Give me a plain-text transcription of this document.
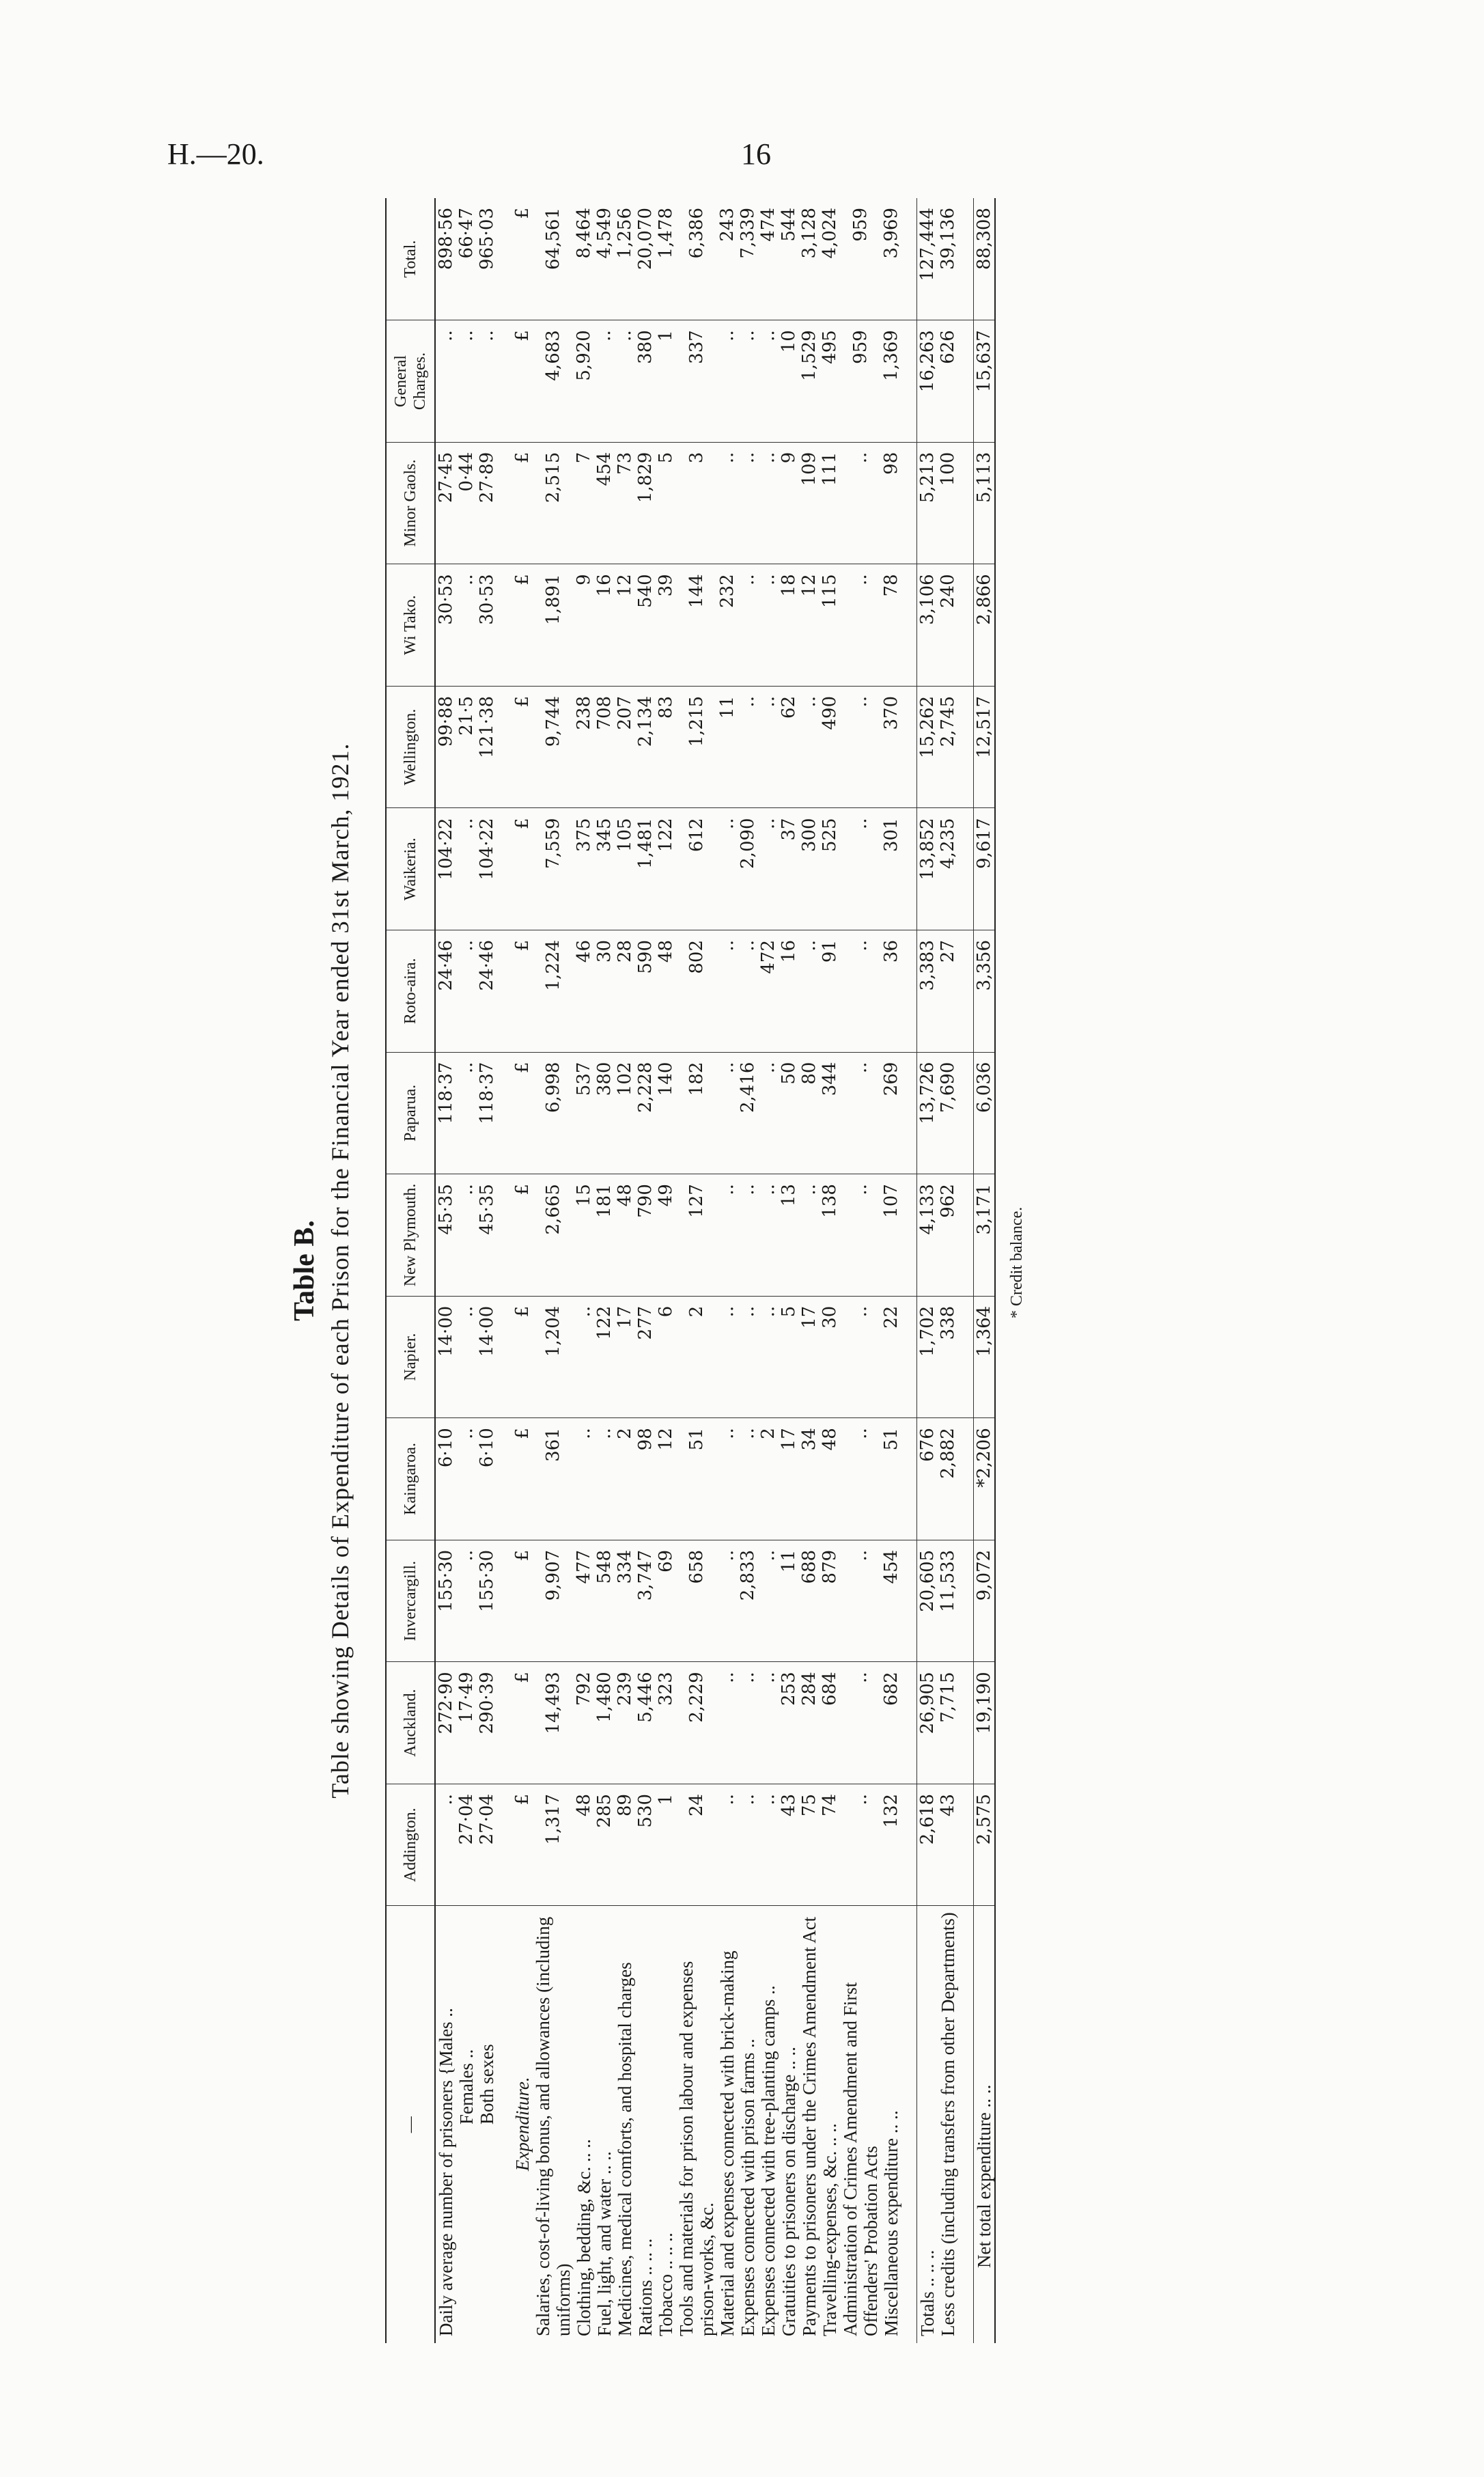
H.—20.	16
Table B. Table showing Details of Expenditure of each Prison for the Financial Year ended 31st March, 1921.
—	Addington.	Auckland.	Invercargill.	Kaingaroa.	Napier.	New Plymouth.	Paparua.	Roto-aira.	Waikeria.	Wellington.	Wi Tako.	Minor Gaols.	General Charges.	Total.
Daily average number of prisoners {Males ..	..	272·90	155·30	6·10	14·00	45·35	118·37	24·46	104·22	99·88	30·53	27·45	..	898·56
Females ..	27·04	17·49	..	..	..	..	..	..	..	21·5	..	0·44	..	66·47
Both sexes	27·04	290·39	155·30	6·10	14·00	45·35	118·37	24·46	104·22	121·38	30·53	27·89	..	965·03

Expenditure.	£	£	£	£	£	£	£	£	£	£	£	£	£	£
Salaries, cost-of-living bonus, and allowances (including uniforms)	1,317	14,493	9,907	361	1,204	2,665	6,998	1,224	7,559	9,744	1,891	2,515	4,683	64,561
Clothing, bedding, &c. .. ..	48	792	477	..	..	15	537	46	375	238	9	7	5,920	8,464
Fuel, light, and water .. ..	285	1,480	548	..	122	181	380	30	345	708	16	454	..	4,549
Medicines, medical comforts, and hospital charges	89	239	334	2	17	48	102	28	105	207	12	73	..	1,256
Rations .. .. ..	530	5,446	3,747	98	277	790	2,228	590	1,481	2,134	540	1,829	380	20,070
Tobacco .. .. ..	1	323	69	12	6	49	140	48	122	83	39	5	1	1,478
Tools and materials for prison labour and expenses prison-works, &c.	24	2,229	658	51	2	127	182	802	612	1,215	144	3	337	6,386
Material and expenses connected with brick-making	..	..	..	..	..	..	..	..	..	11	232	..	..	243
Expenses connected with prison farms ..	..	..	2,833	..	..	..	2,416	..	2,090	..	..	..	..	7,339
Expenses connected with tree-planting camps ..	..	..	..	2	..	..	..	472	..	..	..	..	..	474
Gratuities to prisoners on discharge .. ..	43	253	11	17	5	13	50	16	37	62	18	9	10	544
Payments to prisoners under the Crimes Amendment Act	75	284	688	34	17	..	80	..	300	..	12	109	1,529	3,128
Travelling-expenses, &c. .. ..	74	684	879	48	30	138	344	91	525	490	115	111	495	4,024
Administration of Crimes Amendment and First Offenders' Probation Acts	..	..	..	..	..	..	..	..	..	..	..	..	959	959
Miscellaneous expenditure .. ..	132	682	454	51	22	107	269	36	301	370	78	98	1,369	3,969

Totals .. .. ..	2,618	26,905	20,605	676	1,702	4,133	13,726	3,383	13,852	15,262	3,106	5,213	16,263	127,444
Less credits (including transfers from other Departments)	43	7,715	11,533	2,882	338	962	7,690	27	4,235	2,745	240	100	626	39,136

Net total expenditure .. ..	2,575	19,190	9,072	*2,206	1,364	3,171	6,036	3,356	9,617	12,517	2,866	5,113	15,637	88,308
* Credit balance.
